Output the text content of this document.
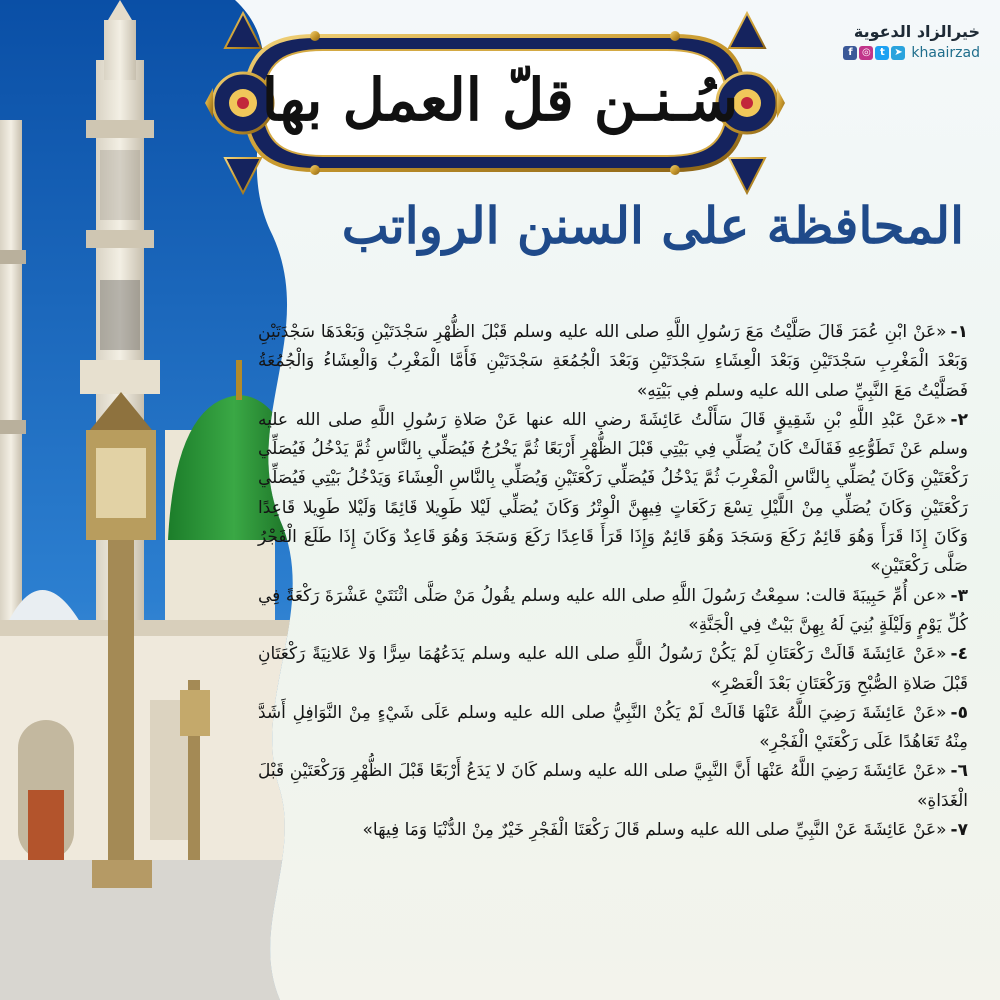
سُـنـن قلّ العمل بها
خيرالزاد الدعوية
f ◎ t ➤ khaairzad
المحافظة على السنن الرواتب

١-«عَنْ ابْنِ عُمَرَ قَالَ صَلَّيْتُ مَعَ رَسُولِ اللَّهِ صلى الله عليه وسلم قَبْلَ الظُّهْرِ سَجْدَتَيْنِ وَبَعْدَهَا سَجْدَتَيْنِ وَبَعْدَ الْمَغْرِبِ سَجْدَتَيْنِ وَبَعْدَ الْعِشَاءِ سَجْدَتَيْنِ وَبَعْدَ الْجُمُعَةِ سَجْدَتَيْنِ فَأَمَّا الْمَغْرِبُ وَالْعِشَاءُ وَالْجُمُعَةُ فَصَلَّيْتُ مَعَ النَّبِيِّ صلى الله عليه وسلم فِي بَيْتِهِ»

٢-«عَنْ عَبْدِ اللَّهِ بْنِ شَقِيقٍ قَالَ سَأَلْتُ عَائِشَةَ رضي الله عنها عَنْ صَلاةِ رَسُولِ اللَّهِ صلى الله عليه وسلم عَنْ تَطَوُّعِهِ فَقَالَتْ كَانَ يُصَلِّي فِي بَيْتِي قَبْلَ الظُّهْرِ أَرْبَعًا ثُمَّ يَخْرُجُ فَيُصَلِّي بِالنَّاسِ ثُمَّ يَدْخُلُ فَيُصَلِّي رَكْعَتَيْنِ وَكَانَ يُصَلِّي بِالنَّاسِ الْمَغْرِبَ ثُمَّ يَدْخُلُ فَيُصَلِّي رَكْعَتَيْنِ وَيُصَلِّي بِالنَّاسِ الْعِشَاءَ وَيَدْخُلُ بَيْتِي فَيُصَلِّي رَكْعَتَيْنِ وَكَانَ يُصَلِّي مِنْ اللَّيْلِ تِسْعَ رَكَعَاتٍ فِيهِنَّ الْوِتْرُ وَكَانَ يُصَلِّي لَيْلا طَوِيلا قَائِمًا وَلَيْلا طَوِيلا قَاعِدًا وَكَانَ إِذَا قَرَأَ وَهُوَ قَائِمٌ رَكَعَ وَسَجَدَ وَهُوَ قَائِمٌ وَإِذَا قَرَأَ قَاعِدًا رَكَعَ وَسَجَدَ وَهُوَ قَاعِدٌ وَكَانَ إِذَا طَلَعَ الْفَجْرُ صَلَّى رَكْعَتَيْنِ»

٣-«عن أُمِّ حَبِيبَةَ قالت: سمِعْتُ رَسُولَ اللَّهِ صلى الله عليه وسلم يقُولُ مَنْ صَلَّى اثْنَتَيْ عَشْرَةَ رَكْعَةً فِي كُلِّ يَوْمٍ وَلَيْلَةٍ بُنِيَ لَهُ بِهِنَّ بَيْتٌ فِي الْجَنَّةِ»

٤-«عَنْ عَائِشَةَ قَالَتْ رَكْعَتَانِ لَمْ يَكُنْ رَسُولُ اللَّهِ صلى الله عليه وسلم يَدَعُهُمَا سِرًّا وَلا عَلانِيَةً رَكْعَتَانِ قَبْلَ صَلاةِ الصُّبْحِ وَرَكْعَتَانِ بَعْدَ الْعَصْرِ»

٥-«عَنْ عَائِشَةَ رَضِيَ اللَّهُ عَنْهَا قَالَتْ لَمْ يَكُنْ النَّبِيُّ صلى الله عليه وسلم عَلَى شَيْءٍ مِنْ النَّوَافِلِ أَشَدَّ مِنْهُ تَعَاهُدًا عَلَى رَكْعَتَيْ الْفَجْرِ»

٦-«عَنْ عَائِشَةَ رَضِيَ اللَّهُ عَنْهَا أَنَّ النَّبِيَّ صلى الله عليه وسلم كَانَ لا يَدَعُ أَرْبَعًا قَبْلَ الظُّهْرِ وَرَكْعَتَيْنِ قَبْلَ الْغَدَاةِ»

٧-«عَنْ عَائِشَةَ عَنْ النَّبِيِّ صلى الله عليه وسلم قَالَ رَكْعَتَا الْفَجْرِ خَيْرٌ مِنْ الدُّنْيَا وَمَا فِيهَا»
